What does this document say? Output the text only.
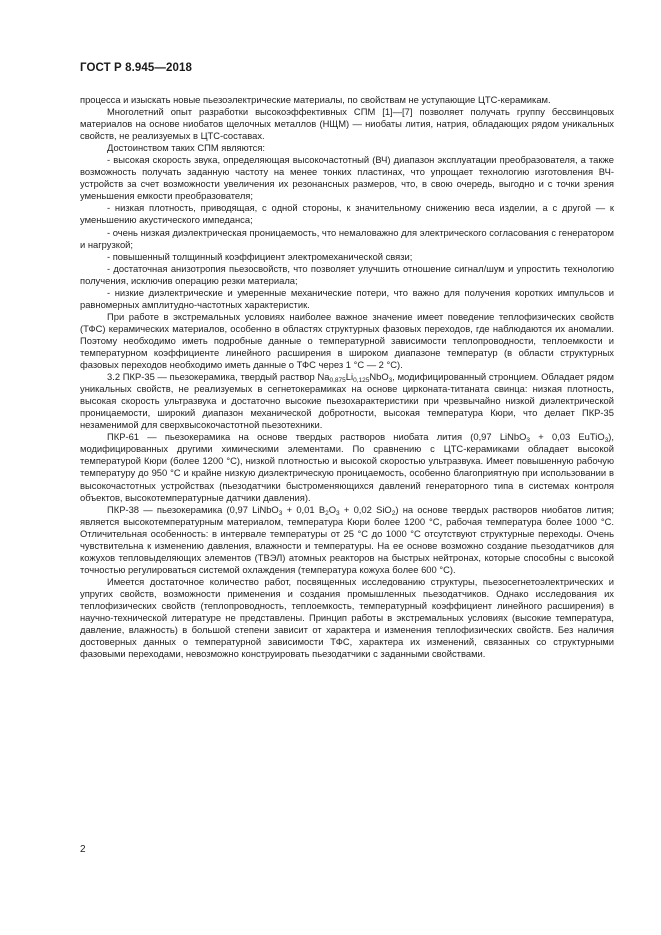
ГОСТ Р 8.945—2018

процесса и изыскать новые пьезоэлектрические материалы, по свойствам не уступающие ЦТС-керамикам.

Многолетний опыт разработки высокоэффективных СПМ [1]—[7] позволяет получать группу бессвинцовых материалов на основе ниобатов щелочных металлов (НЩМ) — ниобаты лития, натрия, обладающих рядом уникальных свойств, не реализуемых в ЦТС-составах.

Достоинством таких СПМ являются:

- высокая скорость звука, определяющая высокочастотный (ВЧ) диапазон эксплуатации преобразователя, а также возможность получать заданную частоту на менее тонких пластинах, что упрощает технологию изготовления ВЧ-устройств за счет возможности увеличения их резонансных размеров, что, в свою очередь, выгодно и с точки зрения уменьшения емкости преобразователя;

- низкая плотность, приводящая, с одной стороны, к значительному снижению веса изделии, а с другой — к уменьшению акустического импеданса;

- очень низкая диэлектрическая проницаемость, что немаловажно для электрического согласования с генератором и нагрузкой;

- повышенный толщинный коэффициент электромеханической связи;

- достаточная анизотропия пьезосвойств, что позволяет улучшить отношение сигнал/шум и упростить технологию получения, исключив операцию резки материала;

- низкие диэлектрические и умеренные механические потери, что важно для получения коротких импульсов и равномерных амплитудно-частотных характеристик.

При работе в экстремальных условиях наиболее важное значение имеет поведение теплофизических свойств (ТФС) керамических материалов, особенно в областях структурных фазовых переходов, где наблюдаются их аномалии. Поэтому необходимо иметь подробные данные о температурной зависимости теплопроводности, теплоемкости и температурном коэффициенте линейного расширения в широком диапазоне температур (в области структурных фазовых переходов необходимо иметь данные о ТФС через 1 °С — 2 °С).

3.2 ПКР-35 — пьезокерамика, твердый раствор $Na_{0,875}Li_{0,125}NbO_3$, модифицированный стронцием. Обладает рядом уникальных свойств, не реализуемых в сегнетокерамиках на основе цирконата-титаната свинца: низкая плотность, высокая скорость ультразвука и достаточно высокие пьезохарактеристики при чрезвычайно низкой диэлектрической проницаемости, широкий диапазон механической добротности, высокая температура Кюри, что делает ПКР-35 незаменимой для сверхвысокочастотной пьезотехники.

ПКР-61 — пьезокерамика на основе твердых растворов ниобата лития (0,97 LiNbO$_3$ + 0,03 EuTiO$_3$), модифицированных другими химическими элементами. По сравнению с ЦТС-керамиками обладает высокой температурой Кюри (более 1200 °С), низкой плотностью и высокой скоростью ультразвука. Имеет повышенную рабочую температуру до 950 °С и крайне низкую диэлектрическую проницаемость, особенно благоприятную при использовании в высокочастотных устройствах (пьезодатчики быстроменяющихся давлений генераторного типа в системах контроля объектов, высокотемпературные датчики давления).

ПКР-38 — пьезокерамика (0,97 LiNbO$_3$ + 0,01 $B_2O_3 + 0,02$ SiO$_2$) на основе твердых растворов ниобатов лития; является высокотемпературным материалом, температура Кюри более 1200 °С, рабочая температура более 1000 °С. Отличительная особенность: в интервале температуры от 25 °С до 1000 °С отсутствуют структурные переходы. Очень чувствительна к изменению давления, влажности и температуры. На ее основе возможно создание пьезодатчиков для кожухов тепловыделяющих элементов (ТВЭЛ) атомных реакторов на быстрых нейтронах, которые способны с высокой точностью регулироваться системой охлаждения (температура кожуха более 600 °С).

Имеется достаточное количество работ, посвященных исследованию структуры, пьезосегнетоэлектрических и упругих свойств, возможности применения и создания промышленных пьезодатчиков. Однако исследования их теплофизических свойств (теплопроводность, теплоемкость, температурный коэффициент линейного расширения) в научно-технической литературе не представлены. Принцип работы в экстремальных условиях (высокие температура, давление, влажность) в большой степени зависит от характера и изменения теплофизических свойств. Без наличия достоверных данных о температурной зависимости ТФС, характера их изменений, связанных со структурными фазовыми переходами, невозможно конструировать пьезодатчики с заданными свойствами.

2
